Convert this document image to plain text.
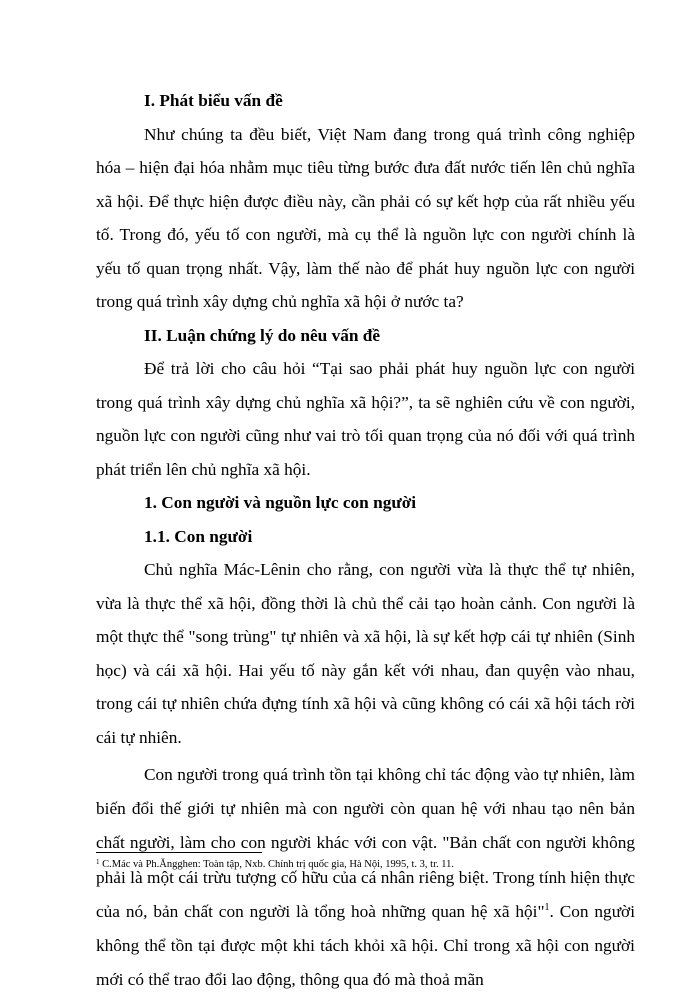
I. Phát biểu vấn đề

Như chúng ta đều biết, Việt Nam đang trong quá trình công nghiệp hóa – hiện đại hóa nhằm mục tiêu từng bước đưa đất nước tiến lên chủ nghĩa xã hội. Để thực hiện được điều này, cần phải có sự kết hợp của rất nhiều yếu tố. Trong đó, yếu tố con người, mà cụ thể là nguồn lực con người chính là yếu tố quan trọng nhất. Vậy, làm thế nào để phát huy nguồn lực con người trong quá trình xây dựng chủ nghĩa xã hội ở nước ta?

II. Luận chứng lý do nêu vấn đề

Để trả lời cho câu hỏi “Tại sao phải phát huy nguồn lực con người trong quá trình xây dựng chủ nghĩa xã hội?”, ta sẽ nghiên cứu về con người, nguồn lực con người cũng như vai trò tối quan trọng của nó đối với quá trình phát triển lên chủ nghĩa xã hội.

1. Con người và nguồn lực con người
1.1. Con người

Chủ nghĩa Mác-Lênin cho rằng, con người vừa là thực thể tự nhiên, vừa là thực thể xã hội, đồng thời là chủ thể cải tạo hoàn cảnh. Con người là một thực thể "song trùng" tự nhiên và xã hội, là sự kết hợp cái tự nhiên (Sinh học) và cái xã hội. Hai yếu tố này gắn kết với nhau, đan quyện vào nhau, trong cái tự nhiên chứa đựng tính xã hội và cũng không có cái xã hội tách rời cái tự nhiên.

Con người trong quá trình tồn tại không chỉ tác động vào tự nhiên, làm biến đổi thế giới tự nhiên mà con người còn quan hệ với nhau tạo nên bản chất người, làm cho con người khác với con vật. "Bản chất con người không phải là một cái trừu tượng cố hữu của cá nhân riêng biệt. Trong tính hiện thực của nó, bản chất con người là tổng hoà những quan hệ xã hội"$^1$. Con người không thể tồn tại được một khi tách khỏi xã hội. Chỉ trong xã hội con người mới có thể trao đổi lao động, thông qua đó mà thoả mãn

$^1$ C.Mác và Ph.Ăngghen: Toàn tập, Nxb. Chính trị quốc gia, Hà Nội, 1995, t. 3, tr. 11.
